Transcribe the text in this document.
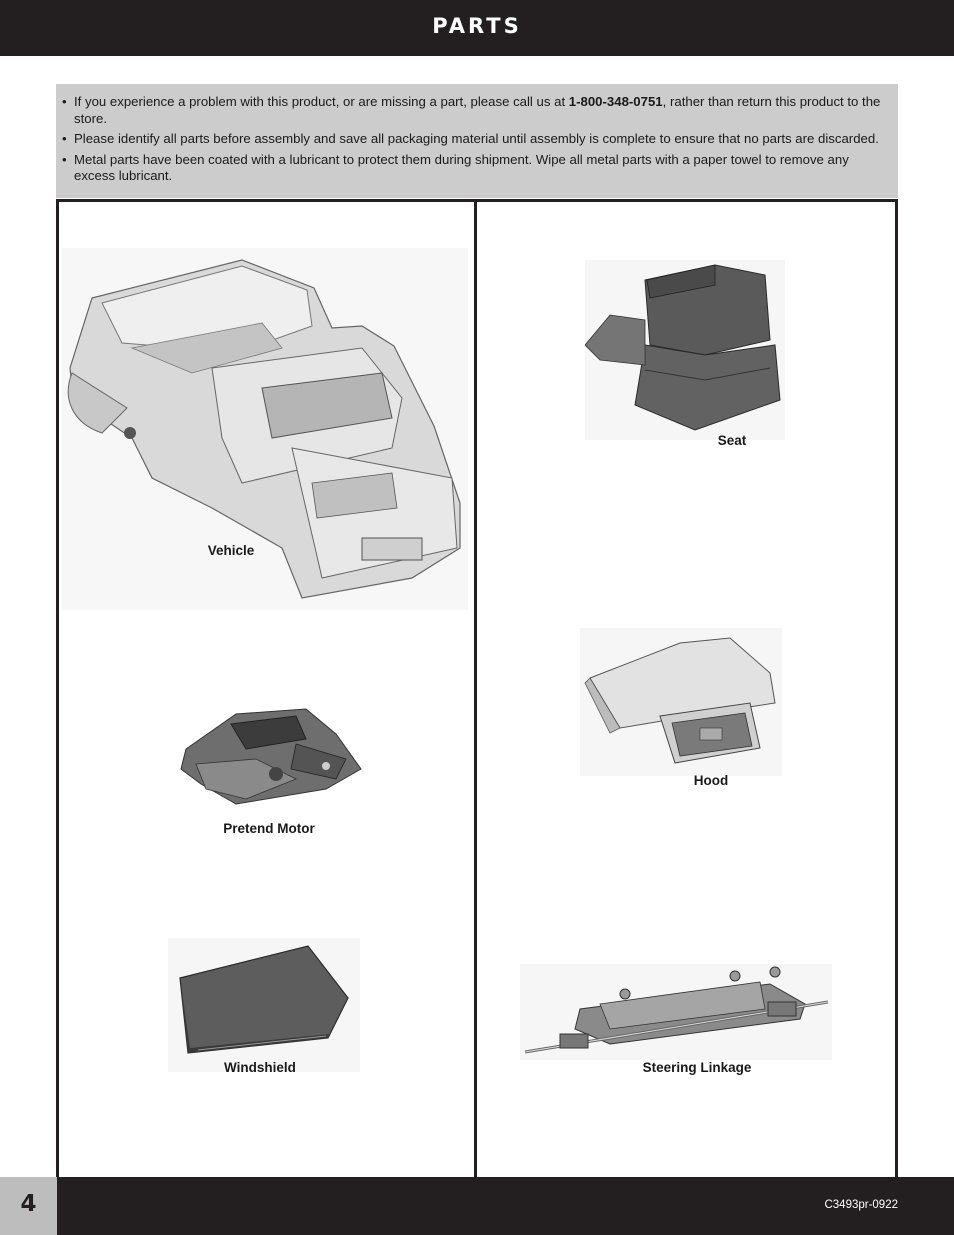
PARTS
• If you experience a problem with this product, or are missing a part, please call us at 1-800-348-0751, rather than return this product to the store.
• Please identify all parts before assembly and save all packaging material until assembly is complete to ensure that no parts are discarded.
• Metal parts have been coated with a lubricant to protect them during shipment. Wipe all metal parts with a paper towel to remove any excess lubricant.
Vehicle
Pretend Motor
Windshield
Seat
Hood
Steering Linkage
4	C3493pr-0922
